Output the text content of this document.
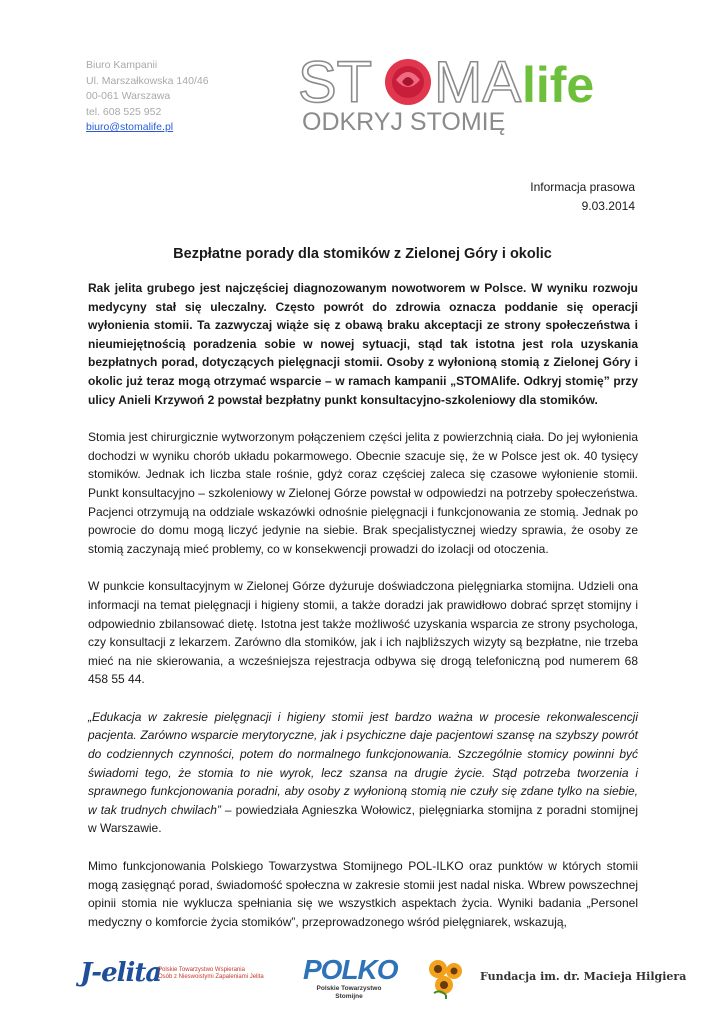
Biuro Kampanii
Ul. Marszałkowska 140/46
00-061 Warszawa
tel. 608 525 952
biuro@stomalife.pl
ST MA life
ODKRYJ STOMIĘ
Informacja prasowa
9.03.2014
Bezpłatne porady dla stomików z Zielonej Góry i okolic

Rak jelita grubego jest najczęściej diagnozowanym nowotworem w Polsce. W wyniku rozwoju medycyny stał się uleczalny. Często powrót do zdrowia oznacza poddanie się operacji wyłonienia stomii. Ta zazwyczaj wiąże się z obawą braku akceptacji ze strony społeczeństwa i nieumiejętnością poradzenia sobie w nowej sytuacji, stąd tak istotna jest rola uzyskania bezpłatnych porad, dotyczących pielęgnacji stomii. Osoby z wyłonioną stomią z Zielonej Góry i okolic już teraz mogą otrzymać wsparcie – w ramach kampanii „STOMAlife. Odkryj stomię” przy ulicy Anieli Krzywoń 2 powstał bezpłatny punkt konsultacyjno-szkoleniowy dla stomików.

Stomia jest chirurgicznie wytworzonym połączeniem części jelita z powierzchnią ciała. Do jej wyłonienia dochodzi w wyniku chorób układu pokarmowego. Obecnie szacuje się, że w Polsce jest ok. 40 tysięcy stomików. Jednak ich liczba stale rośnie, gdyż coraz częściej zaleca się czasowe wyłonienie stomii. Punkt konsultacyjno – szkoleniowy w Zielonej Górze powstał w odpowiedzi na potrzeby społeczeństwa. Pacjenci otrzymują na oddziale wskazówki odnośnie pielęgnacji i funkcjonowania ze stomią. Jednak po powrocie do domu mogą liczyć jedynie na siebie. Brak specjalistycznej wiedzy sprawia, że osoby ze stomią zaczynają mieć problemy, co w konsekwencji prowadzi do izolacji od otoczenia.

W punkcie konsultacyjnym w Zielonej Górze dyżuruje doświadczona pielęgniarka stomijna. Udzieli ona informacji na temat pielęgnacji i higieny stomii, a także doradzi jak prawidłowo dobrać sprzęt stomijny i odpowiednio zbilansować dietę. Istotna jest także możliwość uzyskania wsparcia ze strony psychologa, czy konsultacji z lekarzem. Zarówno dla stomików, jak i ich najbliższych wizyty są bezpłatne, nie trzeba mieć na nie skierowania, a wcześniejsza rejestracja odbywa się drogą telefoniczną pod numerem 68 458 55 44.

„Edukacja w zakresie pielęgnacji i higieny stomii jest bardzo ważna w procesie rekonwalescencji pacjenta. Zarówno wsparcie merytoryczne, jak i psychiczne daje pacjentowi szansę na szybszy powrót do codziennych czynności, potem do normalnego funkcjonowania. Szczególnie stomicy powinni być świadomi tego, że stomia to nie wyrok, lecz szansa na drugie życie. Stąd potrzeba tworzenia i sprawnego funkcjonowania poradni, aby osoby z wyłonioną stomią nie czuły się zdane tylko na siebie, w tak trudnych chwilach” – powiedziała Agnieszka Wołowicz, pielęgniarka stomijna z poradni stomijnej w Warszawie.

Mimo funkcjonowania Polskiego Towarzystwa Stomijnego POL-ILKO oraz punktów w których stomii mogą zasięgnąć porad, świadomość społeczna w zakresie stomii jest nadal niska. Wbrew powszechnej opinii stomia nie wyklucza spełniania się we wszystkich aspektach życia. Wyniki badania „Personel medyczny o komforcie życia stomików”, przeprowadzonego wśród pielęgniarek, wskazują,

J-elita
Polskie Towarzystwo Wspierania
Osób z Nieswoistymi Zapaleniami Jelita POLKO
Polskie Towarzystwo
Stomijne
Fundacja im. dr. Macieja Hilgiera
